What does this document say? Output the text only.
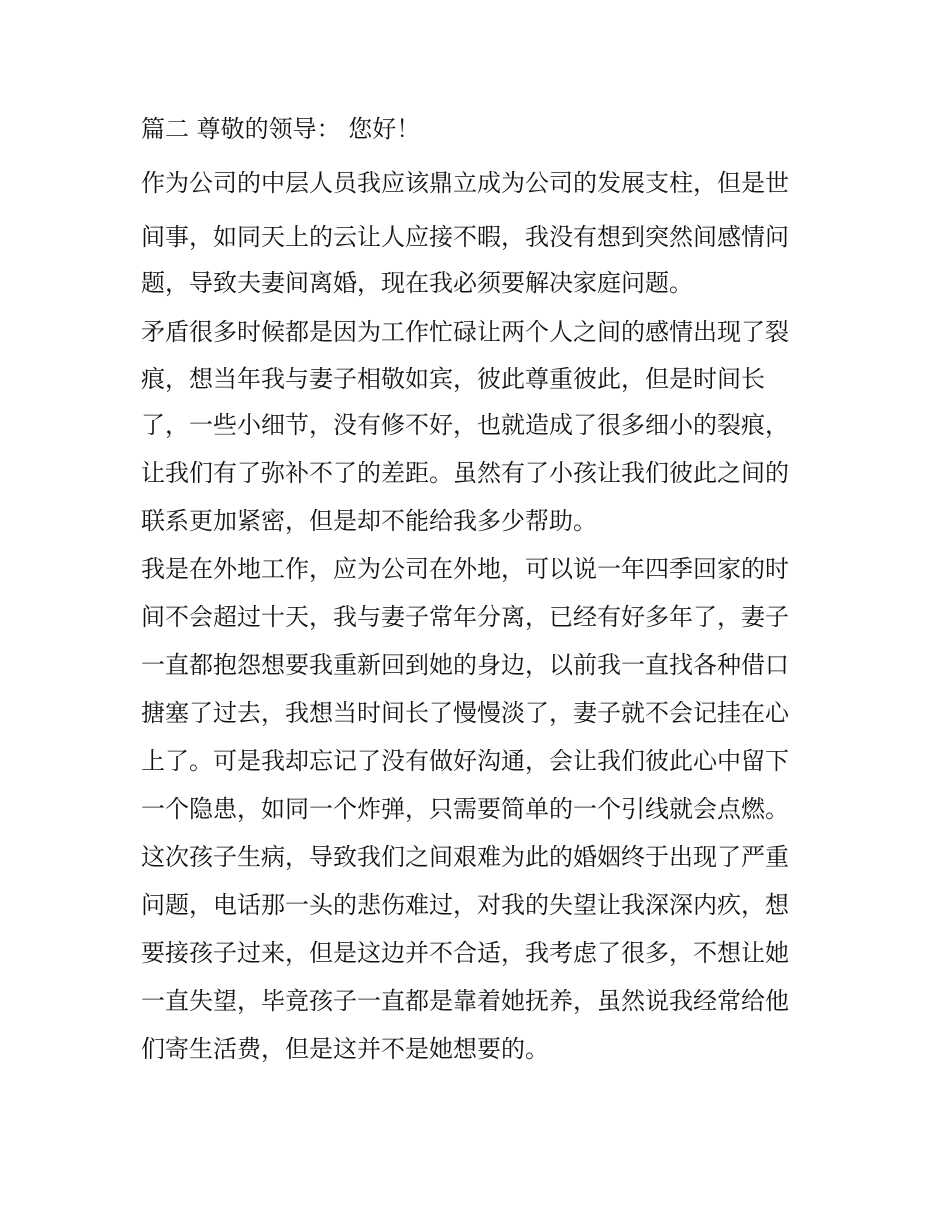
篇二 尊敬的领导： 您好！
作为公司的中层人员我应该鼎立成为公司的发展支柱，但是世
间事，如同天上的云让人应接不暇，我没有想到突然间感情问
题，导致夫妻间离婚，现在我必须要解决家庭问题。
矛盾很多时候都是因为工作忙碌让两个人之间的感情出现了裂
痕，想当年我与妻子相敬如宾，彼此尊重彼此，但是时间长
了，一些小细节，没有修不好，也就造成了很多细小的裂痕，
让我们有了弥补不了的差距。虽然有了小孩让我们彼此之间的
联系更加紧密，但是却不能给我多少帮助。
我是在外地工作，应为公司在外地，可以说一年四季回家的时
间不会超过十天，我与妻子常年分离，已经有好多年了，妻子
一直都抱怨想要我重新回到她的身边，以前我一直找各种借口
搪塞了过去，我想当时间长了慢慢淡了，妻子就不会记挂在心
上了。可是我却忘记了没有做好沟通，会让我们彼此心中留下
一个隐患，如同一个炸弹，只需要简单的一个引线就会点燃。
这次孩子生病，导致我们之间艰难为此的婚姻终于出现了严重
问题，电话那一头的悲伤难过，对我的失望让我深深内疚，想
要接孩子过来，但是这边并不合适，我考虑了很多，不想让她
一直失望，毕竟孩子一直都是靠着她抚养，虽然说我经常给他
们寄生活费，但是这并不是她想要的。
